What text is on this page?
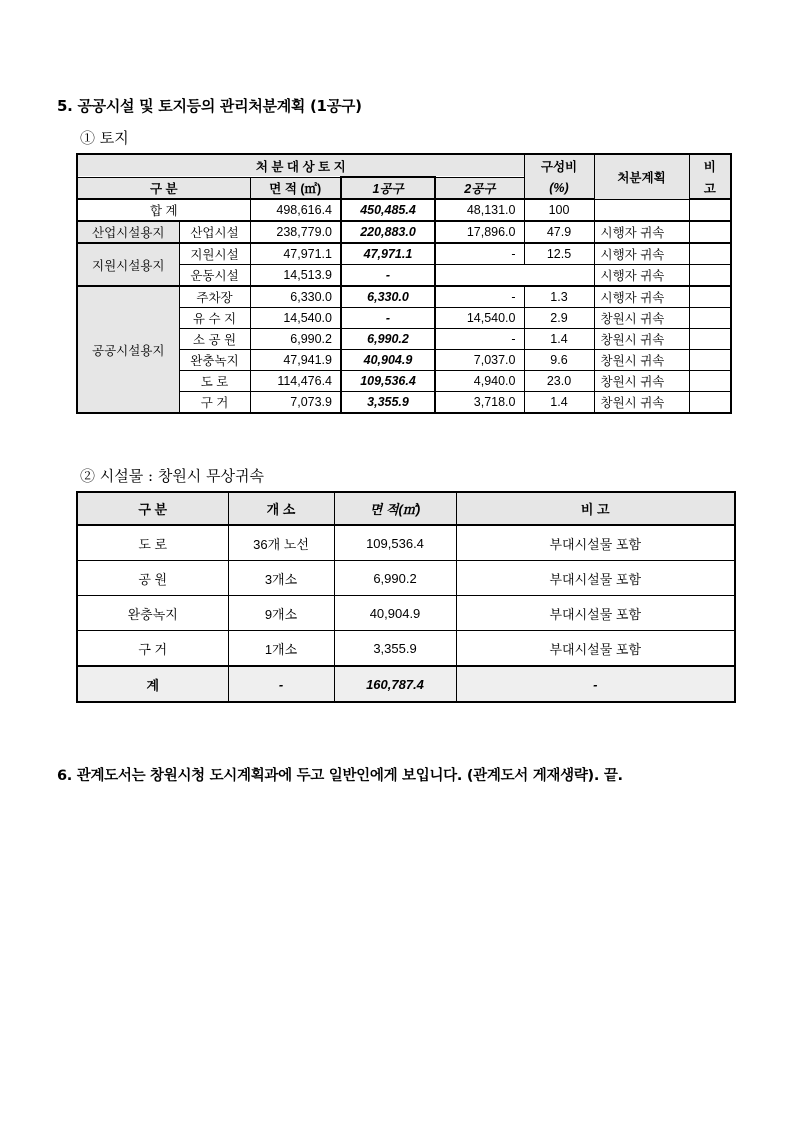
5. 공공시설 및 토지등의 관리처분계획 (1공구)
① 토지
처 분 대 상 토 지					구성비	처분계획	비
구 분		면 적 (㎡)	1공구	2공구	(%)		고
합 계		498,616.4	450,485.4	48,131.0	100		
산업시설용지	산업시설	238,779.0	220,883.0	17,896.0	47.9	시행자 귀속	
지원시설용지	지원시설	47,971.1	47,971.1	-	12.5	시행자 귀속	
	운동시설	14,513.9	-			시행자 귀속	
공공시설용지	주차장	6,330.0	6,330.0	-	1.3	시행자 귀속	
	유 수 지	14,540.0	-	14,540.0	2.9	창원시 귀속	
	소 공 원	6,990.2	6,990.2	-	1.4	창원시 귀속	
	완충녹지	47,941.9	40,904.9	7,037.0	9.6	창원시 귀속	
	도 로	114,476.4	109,536.4	4,940.0	23.0	창원시 귀속	
	구 거	7,073.9	3,355.9	3,718.0	1.4	창원시 귀속	
② 시설물 : 창원시 무상귀속
구 분	개 소	면 적(㎡)	비 고
도 로	36개 노선	109,536.4	부대시설물 포함
공 원	3개소	6,990.2	부대시설물 포함
완충녹지	9개소	40,904.9	부대시설물 포함
구 거	1개소	3,355.9	부대시설물 포함
계	-	160,787.4	-
6. 관계도서는 창원시청 도시계획과에 두고 일반인에게 보입니다. (관계도서 게재생략). 끝.
